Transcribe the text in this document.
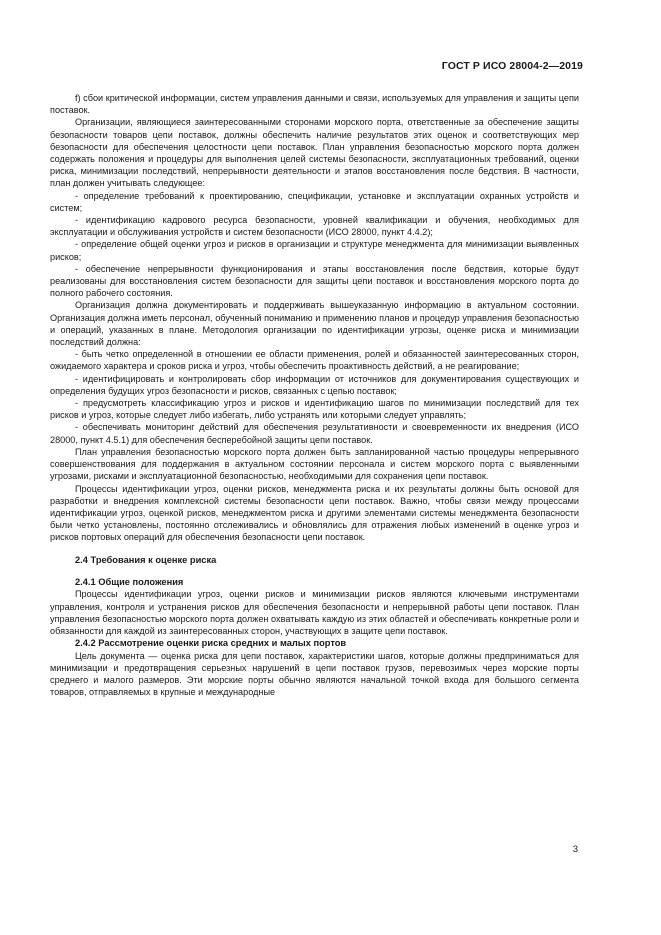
ГОСТ Р ИСО 28004-2—2019

f) сбои критической информации, систем управления данными и связи, используемых для управления и защиты цепи поставок.

Организации, являющиеся заинтересованными сторонами морского порта, ответственные за обеспечение защиты безопасности товаров цепи поставок, должны обеспечить наличие результатов этих оценок и соответствующих мер безопасности для обеспечения целостности цепи поставок. План управления безопасностью морского порта должен содержать положения и процедуры для выполнения целей системы безопасности, эксплуатационных требований, оценки риска, минимизации последствий, непрерывности деятельности и этапов восстановления после бедствия. В частности, план должен учитывать следующее:

- определение требований к проектированию, спецификации, установке и эксплуатации охранных устройств и систем;

- идентификацию кадрового ресурса безопасности, уровней квалификации и обучения, необходимых для эксплуатации и обслуживания устройств и систем безопасности (ИСО 28000, пункт 4.4.2);

- определение общей оценки угроз и рисков в организации и структуре менеджмента для минимизации выявленных рисков;

- обеспечение непрерывности функционирования и этапы восстановления после бедствия, которые будут реализованы для восстановления систем безопасности для защиты цепи поставок и восстановления морского порта до полного рабочего состояния.

Организация должна документировать и поддерживать вышеуказанную информацию в актуальном состоянии. Организация должна иметь персонал, обученный пониманию и применению планов и процедур управления безопасностью и операций, указанных в плане. Методология организации по идентификации угрозы, оценке риска и минимизации последствий должна:

- быть четко определенной в отношении ее области применения, ролей и обязанностей заинтересованных сторон, ожидаемого характера и сроков риска и угроз, чтобы обеспечить проактивность действий, а не реагирование;

- идентифицировать и контролировать сбор информации от источников для документирования существующих и определения будущих угроз безопасности и рисков, связанных с цепью поставок;

- предусмотреть классификацию угроз и рисков и идентификацию шагов по минимизации последствий для тех рисков и угроз, которые следует либо избегать, либо устранять или которыми следует управлять;

- обеспечивать мониторинг действий для обеспечения результативности и своевременности их внедрения (ИСО 28000, пункт 4.5.1) для обеспечения бесперебойной защиты цепи поставок.

План управления безопасностью морского порта должен быть запланированной частью процедуры непрерывного совершенствования для поддержания в актуальном состоянии персонала и систем морского порта с выявленными угрозами, рисками и эксплуатационной безопасностью, необходимыми для сохранения цепи поставок.

Процессы идентификации угроз, оценки рисков, менеджмента риска и их результаты должны быть основой для разработки и внедрения комплексной системы безопасности цепи поставок. Важно, чтобы связи между процессами идентификации угроз, оценкой рисков, менеджментом риска и другими элементами системы менеджмента безопасности были четко установлены, постоянно отслеживались и обновлялись для отражения любых изменений в оценке угроз и рисков портовых операций для обеспечения безопасности цепи поставок.

2.4 Требования к оценке риска
2.4.1 Общие положения

Процессы идентификации угроз, оценки рисков и минимизации рисков являются ключевыми инструментами управления, контроля и устранения рисков для обеспечения безопасности и непрерывной работы цепи поставок. План управления безопасностью морского порта должен охватывать каждую из этих областей и обеспечивать конкретные роли и обязанности для каждой из заинтересованных сторон, участвующих в защите цепи поставок.

2.4.2 Рассмотрение оценки риска средних и малых портов

Цель документа — оценка риска для цепи поставок, характеристики шагов, которые должны предприниматься для минимизации и предотвращения серьезных нарушений в цепи поставок грузов, перевозимых через морские порты среднего и малого размеров. Эти морские порты обычно являются начальной точкой входа для большого сегмента товаров, отправляемых в крупные и международные

3
